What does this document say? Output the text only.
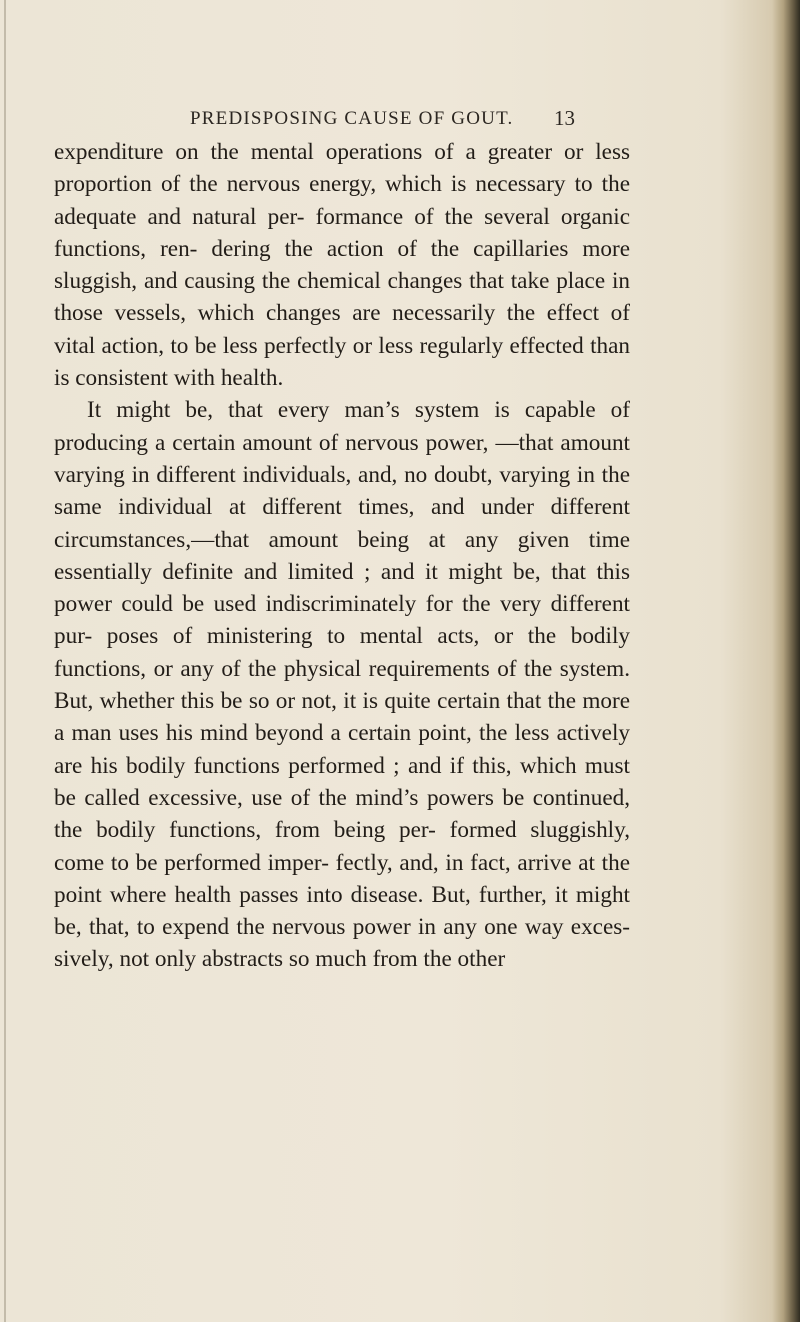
PREDISPOSING CAUSE OF GOUT.	13

expenditure on the mental operations of a greater or less proportion of the nervous energy, which is necessary to the adequate and natural per- formance of the several organic functions, ren- dering the action of the capillaries more sluggish, and causing the chemical changes that take place in those vessels, which changes are necessarily the effect of vital action, to be less perfectly or less regularly effected than is consistent with health.

It might be, that every man’s system is capable of producing a certain amount of nervous power, —that amount varying in different individuals, and, no doubt, varying in the same individual at different times, and under different circumstances,—that amount being at any given time essentially definite and limited ; and it might be, that this power could be used indiscriminately for the very different pur- poses of ministering to mental acts, or the bodily functions, or any of the physical requirements of the system. But, whether this be so or not, it is quite certain that the more a man uses his mind beyond a certain point, the less actively are his bodily functions performed ; and if this, which must be called excessive, use of the mind’s powers be continued, the bodily functions, from being per- formed sluggishly, come to be performed imper- fectly, and, in fact, arrive at the point where health passes into disease. But, further, it might be, that, to expend the nervous power in any one way exces- sively, not only abstracts so much from the other
